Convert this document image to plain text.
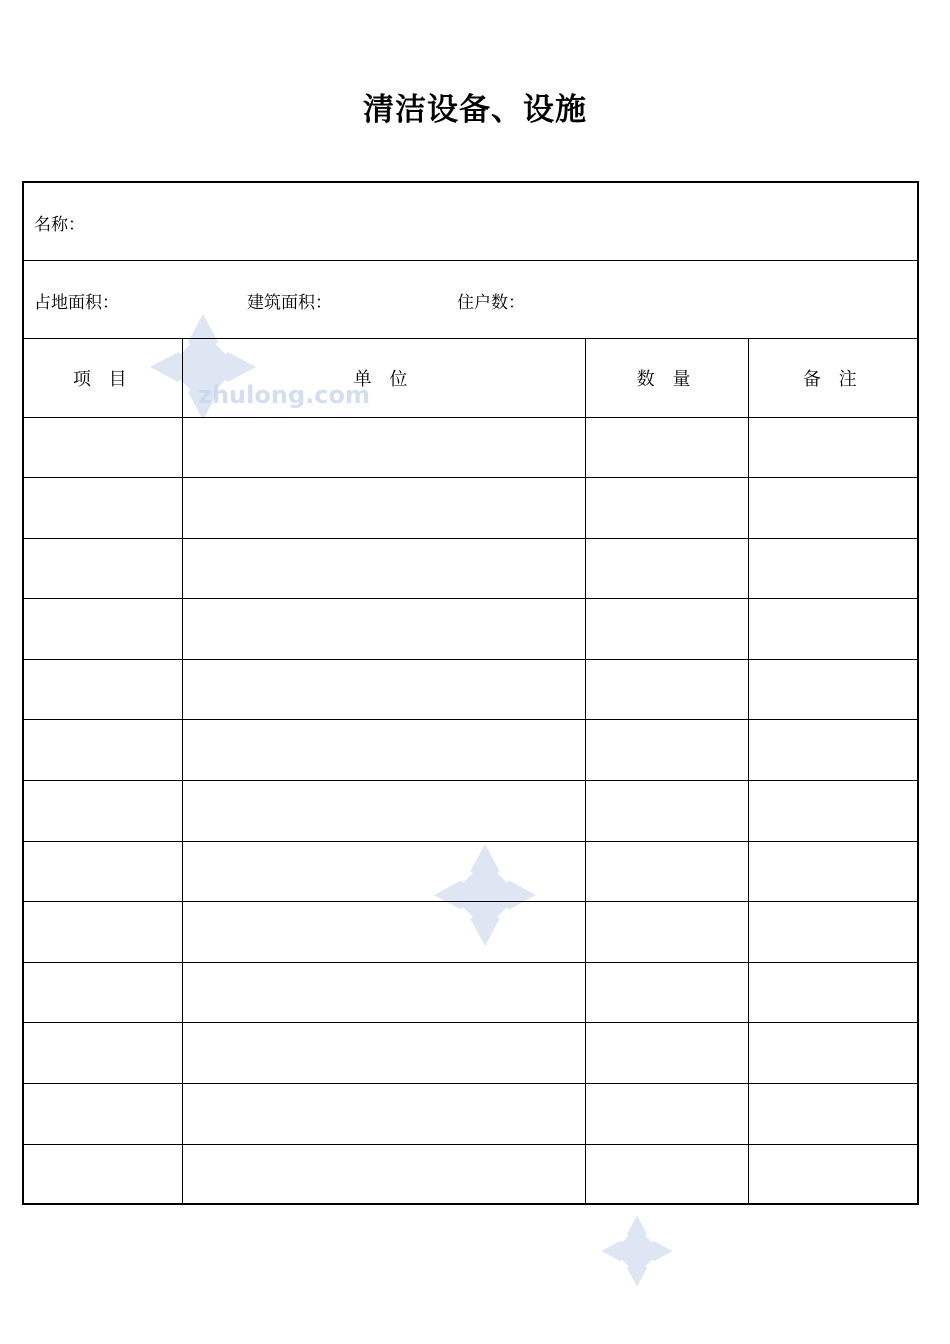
清洁设备、设施
zhulong.com
名称：
占地面积：	建筑面积：	住户数：
项 目	单 位	数 量	备 注
